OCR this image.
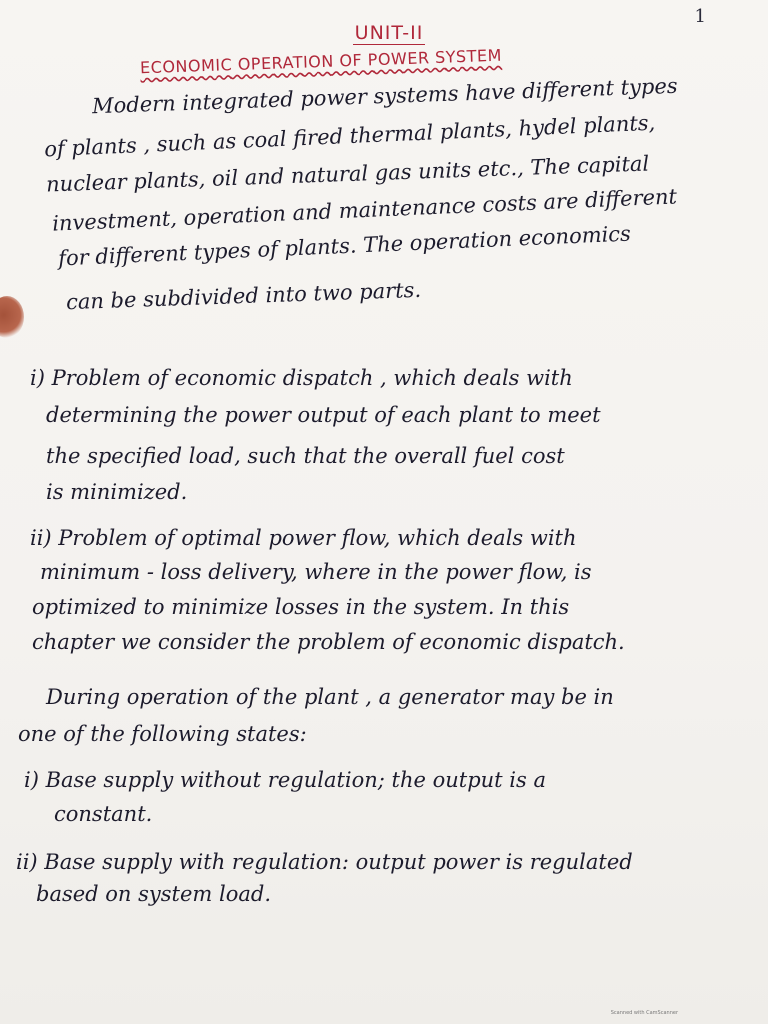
1
UNIT-II
ECONOMIC OPERATION OF POWER SYSTEM
Modern integrated power systems have different types
of plants , such as coal fired thermal plants, hydel plants,
nuclear plants, oil and natural gas units etc., The capital
investment, operation and maintenance costs are different
for different types of plants. The operation economics
can be subdivided into two parts.
i) Problem of economic dispatch , which deals with
determining the power output of each plant to meet
the specified load, such that the overall fuel cost
is minimized.
ii) Problem of optimal power flow, which deals with
minimum - loss delivery, where in the power flow, is
optimized to minimize losses in the system. In this
chapter we consider the problem of economic dispatch.
During operation of the plant , a generator may be in
one of the following states:
i) Base supply without regulation; the output is a
constant.
ii) Base supply with regulation: output power is regulated
based on system load.
Scanned with CamScanner
